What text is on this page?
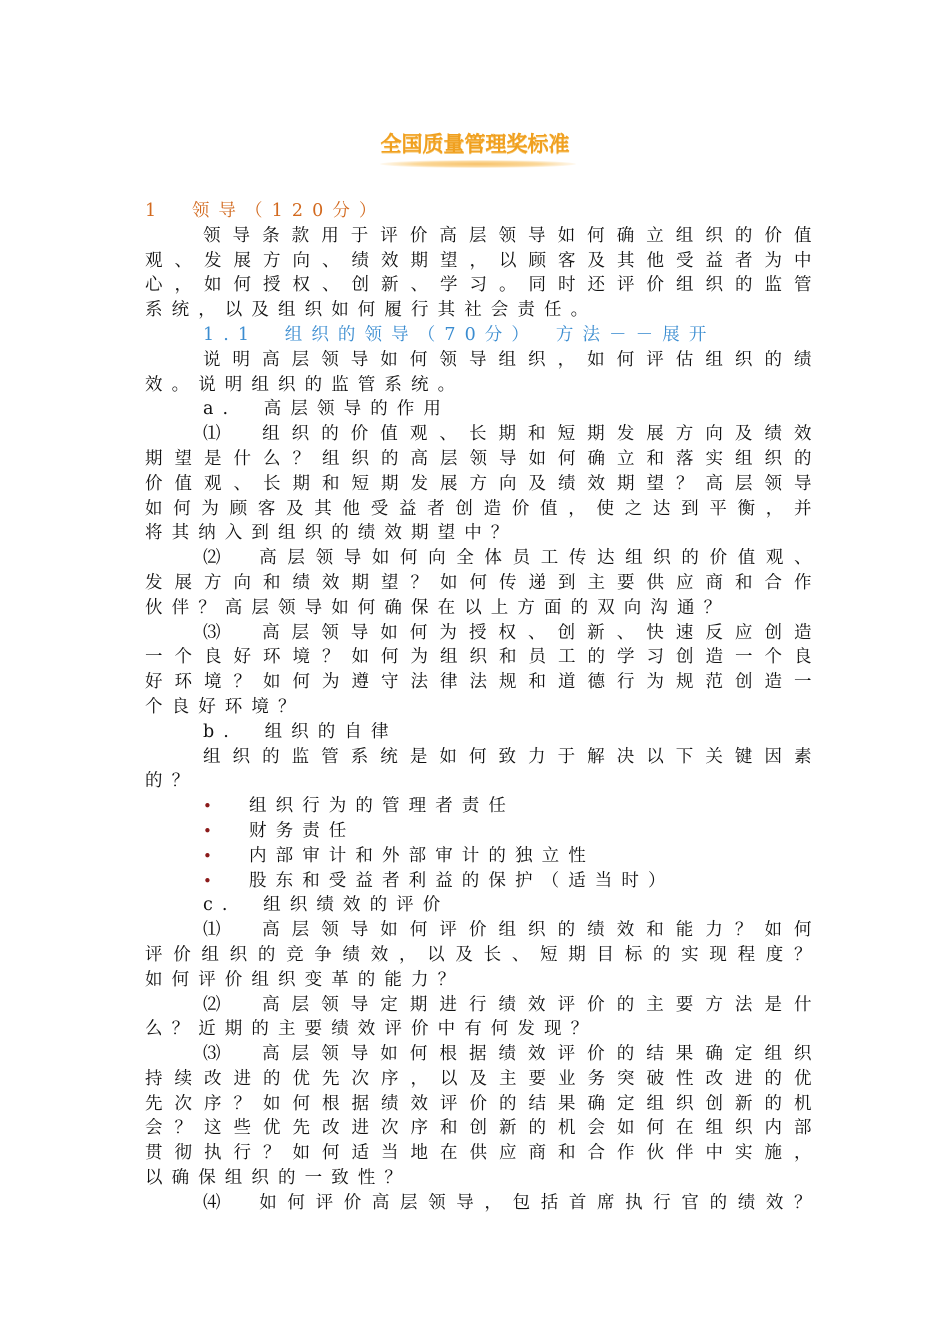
全国质量管理奖标准
1　领导（120分）
领导条款用于评价高层领导如何确立组织的价值
观、发展方向、绩效期望，以顾客及其他受益者为中
心，如何授权、创新、学习。同时还评价组织的监管
系统，以及组织如何履行其社会责任。
1.1　组织的领导（70分）　方法－－展开
说明高层领导如何领导组织，如何评估组织的绩
效。说明组织的监管系统。
a.　高层领导的作用
⑴　组织的价值观、长期和短期发展方向及绩效
期望是什么？组织的高层领导如何确立和落实组织的
价值观、长期和短期发展方向及绩效期望？高层领导
如何为顾客及其他受益者创造价值，使之达到平衡，并
将其纳入到组织的绩效期望中？
⑵　高层领导如何向全体员工传达组织的价值观、
发展方向和绩效期望？如何传递到主要供应商和合作
伙伴？高层领导如何确保在以上方面的双向沟通？
⑶　高层领导如何为授权、创新、快速反应创造
一个良好环境？如何为组织和员工的学习创造一个良
好环境？如何为遵守法律法规和道德行为规范创造一
个良好环境？
b.　组织的自律
组织的监管系统是如何致力于解决以下关键因素
的？
• 组织行为的管理者责任
• 财务责任
• 内部审计和外部审计的独立性
• 股东和受益者利益的保护（适当时）
c.　组织绩效的评价
⑴　高层领导如何评价组织的绩效和能力？如何
评价组织的竞争绩效，以及长、短期目标的实现程度？
如何评价组织变革的能力？
⑵　高层领导定期进行绩效评价的主要方法是什
么？近期的主要绩效评价中有何发现？
⑶　高层领导如何根据绩效评价的结果确定组织
持续改进的优先次序，以及主要业务突破性改进的优
先次序？如何根据绩效评价的结果确定组织创新的机
会？这些优先改进次序和创新的机会如何在组织内部
贯彻执行？如何适当地在供应商和合作伙伴中实施，
以确保组织的一致性？
⑷　如何评价高层领导，包括首席执行官的绩效？
